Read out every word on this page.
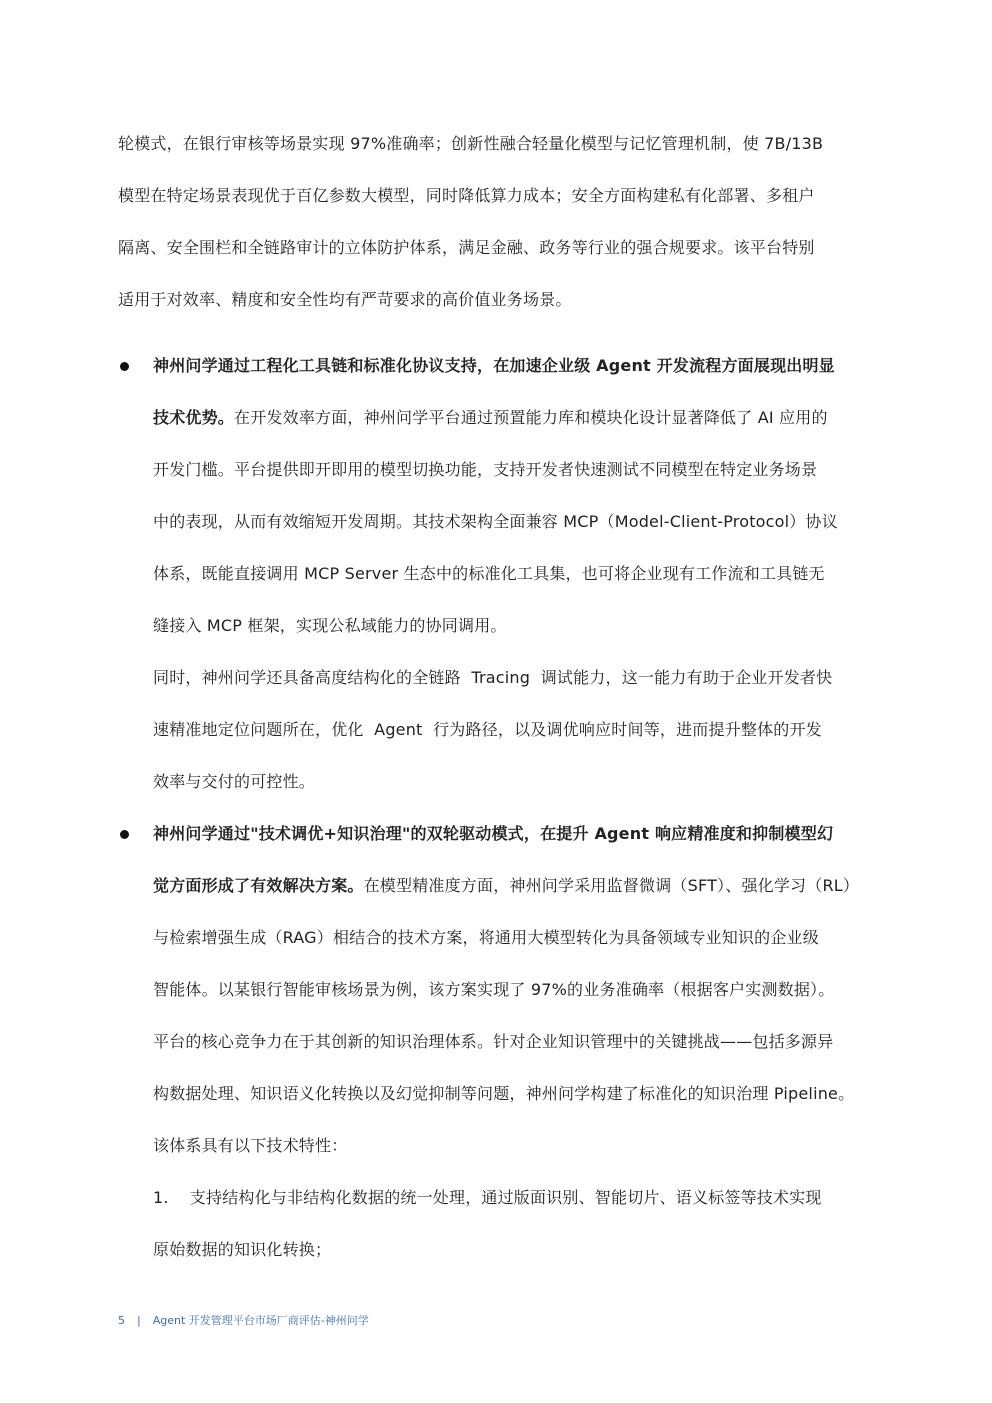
轮模式，在银行审核等场景实现 97%准确率；创新性融合轻量化模型与记忆管理机制，使 7B/13B
模型在特定场景表现优于百亿参数大模型，同时降低算力成本；安全方面构建私有化部署、多租户
隔离、安全围栏和全链路审计的立体防护体系，满足金融、政务等行业的强合规要求。该平台特别
适用于对效率、精度和安全性均有严苛要求的高价值业务场景。
神州问学通过工程化工具链和标准化协议支持，在加速企业级 Agent 开发流程方面展现出明显
技术优势。在开发效率方面，神州问学平台通过预置能力库和模块化设计显著降低了 AI 应用的
开发门槛。平台提供即开即用的模型切换功能，支持开发者快速测试不同模型在特定业务场景
中的表现，从而有效缩短开发周期。其技术架构全面兼容 MCP（Model-Client-Protocol）协议
体系，既能直接调用 MCP Server 生态中的标准化工具集，也可将企业现有工作流和工具链无
缝接入 MCP 框架，实现公私域能力的协同调用。
同时，神州问学还具备高度结构化的全链路  Tracing  调试能力，这一能力有助于企业开发者快
速精准地定位问题所在，优化  Agent  行为路径，以及调优响应时间等，进而提升整体的开发
效率与交付的可控性。
神州问学通过"技术调优+知识治理"的双轮驱动模式，在提升 Agent 响应精准度和抑制模型幻
觉方面形成了有效解决方案。在模型精准度方面，神州问学采用监督微调（SFT）、强化学习（RL）
与检索增强生成（RAG）相结合的技术方案，将通用大模型转化为具备领域专业知识的企业级
智能体。以某银行智能审核场景为例，该方案实现了 97%的业务准确率（根据客户实测数据）。
平台的核心竞争力在于其创新的知识治理体系。针对企业知识管理中的关键挑战——包括多源异
构数据处理、知识语义化转换以及幻觉抑制等问题，神州问学构建了标准化的知识治理 Pipeline。
该体系具有以下技术特性：
1.    支持结构化与非结构化数据的统一处理，通过版面识别、智能切片、语义标签等技术实现
原始数据的知识化转换；
5 | Agent 开发管理平台市场厂商评估-神州问学
